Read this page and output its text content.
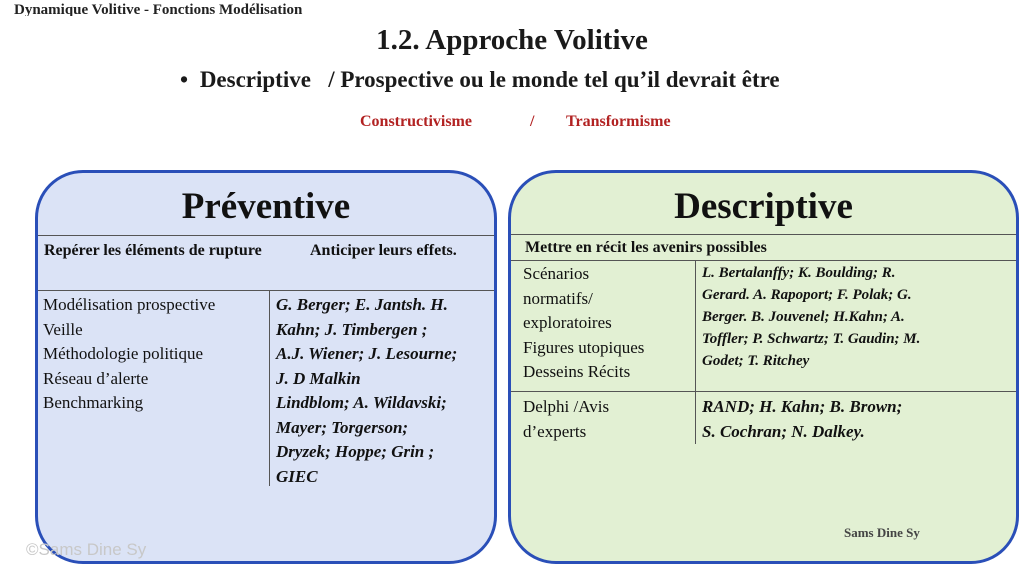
Dynamique Volitive - Fonctions Modélisation
1.2. Approche Volitive
• Descriptive / Prospective ou le monde tel qu’il devrait être
Constructivisme	/ Transformisme
Préventive
Repérer les éléments de rupture	Anticiper leurs effets.
Modélisation prospective
Veille
Méthodologie politique
Réseau d’alerte
Benchmarking
G. Berger; E. Jantsh. H.
Kahn; J. Timbergen ;
A.J. Wiener; J. Lesourne;
J. D Malkin
Lindblom; A. Wildavski;
Mayer; Torgerson;
Dryzek; Hoppe; Grin ;
GIEC
Descriptive
Mettre en récit les avenirs possibles
Scénarios
normatifs/
exploratoires
Figures utopiques
Desseins Récits
L. Bertalanffy; K. Boulding; R.
Gerard. A. Rapoport; F. Polak; G.
Berger. B. Jouvenel; H.Kahn; A.
Toffler; P. Schwartz; T. Gaudin; M.
Godet; T. Ritchey
Delphi /Avis
d’experts
RAND; H. Kahn; B. Brown;
S. Cochran; N. Dalkey.
Sams Dine Sy
©Sams Dine Sy
